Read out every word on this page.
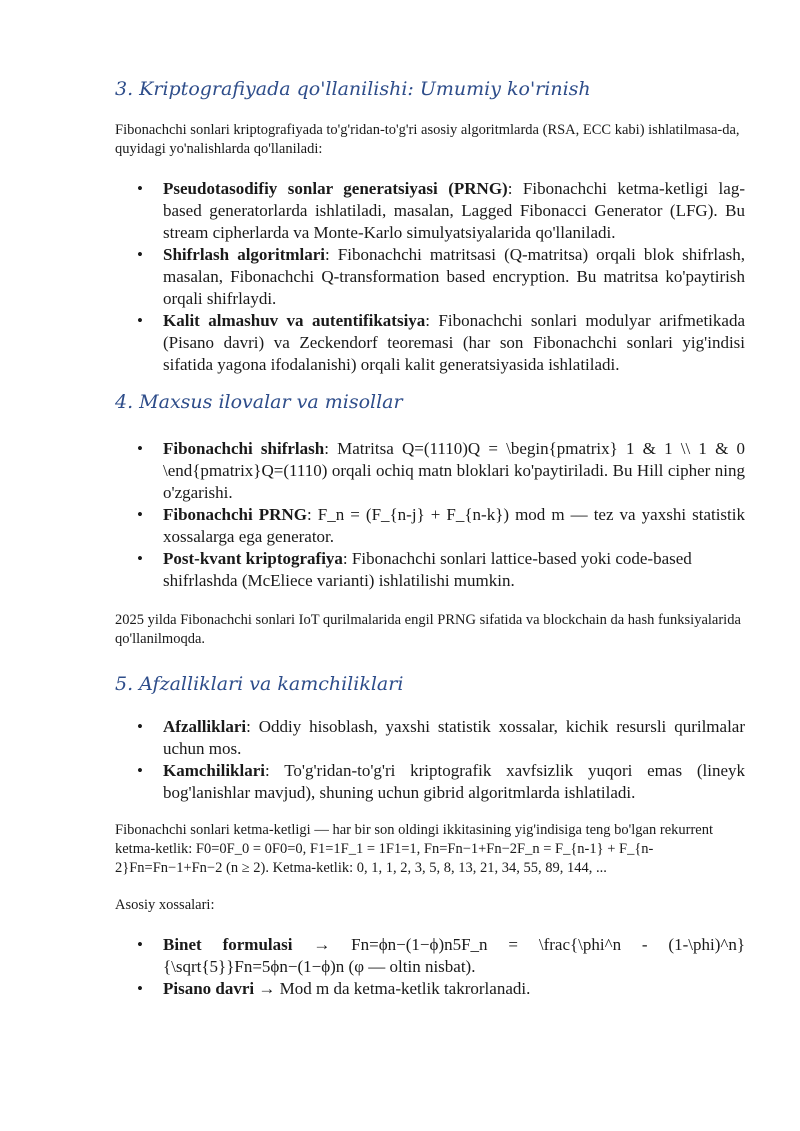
3. Kriptografiyada qo'llanilishi: Umumiy ko'rinish

Fibonachchi sonlari kriptografiyada to'g'ridan-to'g'ri asosiy algoritmlarda (RSA, ECC kabi) ishlatilmasa-da, quyidagi yo'nalishlarda qo'llaniladi:

• Pseudotasodifiy sonlar generatsiyasi (PRNG): Fibonachchi ketma-ketligi lag-based generatorlarda ishlatiladi, masalan, Lagged Fibonacci Generator (LFG). Bu stream cipherlarda va Monte-Karlo simulyatsiyalarida qo'llaniladi.
• Shifrlash algoritmlari: Fibonachchi matritsasi (Q-matritsa) orqali blok shifrlash, masalan, Fibonachchi Q-transformation based encryption. Bu matritsa ko'paytirish orqali shifrlaydi.
• Kalit almashuv va autentifikatsiya: Fibonachchi sonlari modulyar arifmetikada (Pisano davri) va Zeckendorf teoremasi (har son Fibonachchi sonlari yig'indisi sifatida yagona ifodalanishi) orqali kalit generatsiyasida ishlatiladi.
4. Maxsus ilovalar va misollar
• Fibonachchi shifrlash: Matritsa Q=(1110)Q = \begin{pmatrix} 1 & 1 \\ 1 & 0 \end{pmatrix}Q=(1110) orqali ochiq matn bloklari ko'paytiriladi. Bu Hill cipher ning o'zgarishi.
• Fibonachchi PRNG: F_n = (F_{n-j} + F_{n-k}) mod m — tez va yaxshi statistik xossalarga ega generator.
• Post-kvant kriptografiya: Fibonachchi sonlari lattice-based yoki code-based shifrlashda (McEliece varianti) ishlatilishi mumkin.

2025 yilda Fibonachchi sonlari IoT qurilmalarida engil PRNG sifatida va blockchain da hash funksiyalarida qo'llanilmoqda.

5. Afzalliklari va kamchiliklari
• Afzalliklari: Oddiy hisoblash, yaxshi statistik xossalar, kichik resursli qurilmalar uchun mos.
• Kamchiliklari: To'g'ridan-to'g'ri kriptografik xavfsizlik yuqori emas (lineyk bog'lanishlar mavjud), shuning uchun gibrid algoritmlarda ishlatiladi.

Fibonachchi sonlari ketma-ketligi — har bir son oldingi ikkitasining yig'indisiga teng bo'lgan rekurrent ketma-ketlik: F0=0F_0 = 0F0=0, F1=1F_1 = 1F1=1, Fn=Fn−1+Fn−2F_n = F_{n-1} + F_{n-2}Fn=Fn−1+Fn−2 (n ≥ 2). Ketma-ketlik: 0, 1, 1, 2, 3, 5, 8, 13, 21, 34, 55, 89, 144, ...

Asosiy xossalari:

• Binet formulasi → Fn=ϕn−(1−ϕ)n5F_n = \frac{\phi^n - (1-\phi)^n}{\sqrt{5}}Fn=5ϕn−(1−ϕ)n (φ — oltin nisbat).
• Pisano davri → Mod m da ketma-ketlik takrorlanadi.
